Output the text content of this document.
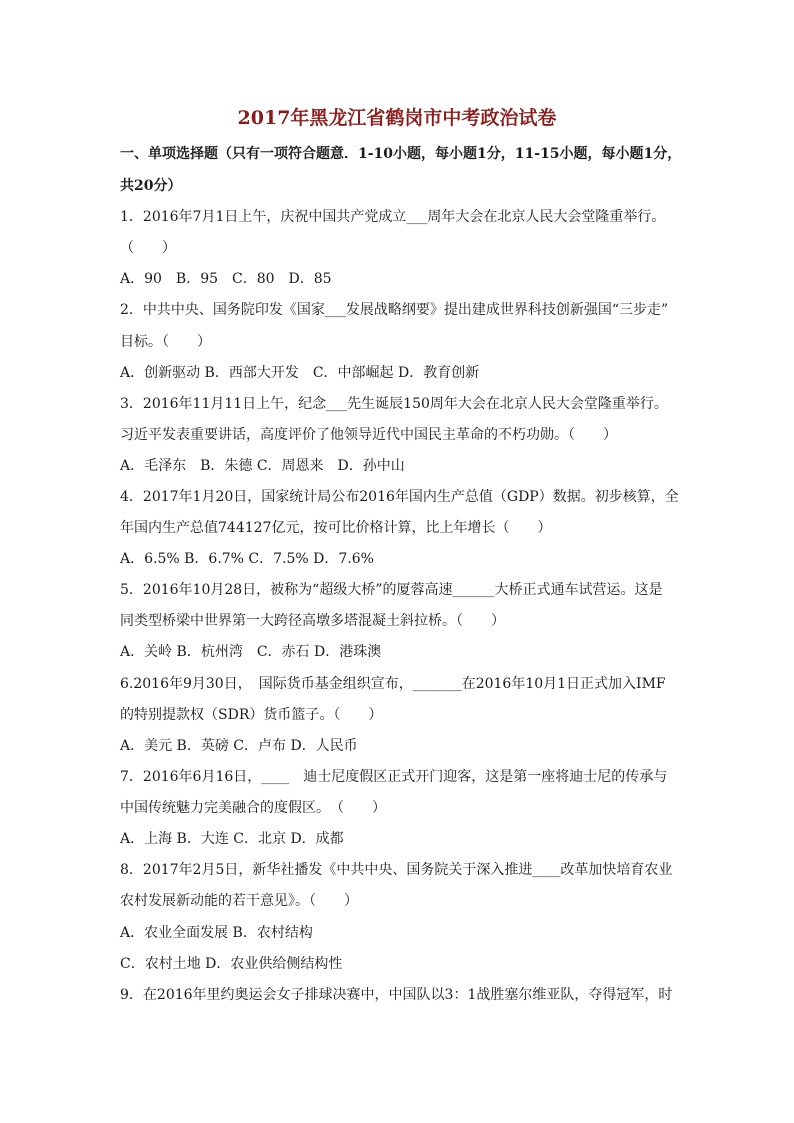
2017年黑龙江省鹤岗市中考政治试卷
一、单项选择题（只有一项符合题意．1-10小题，每小题1分，11-15小题，每小题1分，
共20分）
1．2016年7月1日上午，庆祝中国共产党成立___周年大会在北京人民大会堂隆重举行。
（　　）
A．90　B．95　C．80　D．85
2．中共中央、国务院印发《国家___发展战略纲要》提出建成世界科技创新强国“三步走”
目标。（　　）
A．创新驱动 B．西部大开发　C．中部崛起 D．教育创新
3．2016年11月11日上午，纪念___先生诞辰150周年大会在北京人民大会堂隆重举行。
习近平发表重要讲话，高度评价了他领导近代中国民主革命的不朽功勋。（　　）
A．毛泽东　B．朱德 C．周恩来　D．孙中山
4．2017年1月20日，国家统计局公布2016年国内生产总值（GDP）数据。初步核算，全
年国内生产总值744127亿元，按可比价格计算，比上年增长（　　）
A．6.5% B．6.7% C．7.5% D．7.6%
5．2016年10月28日，被称为“超级大桥”的厦蓉高速______大桥正式通车试营运。这是
同类型桥梁中世界第一大跨径高墩多塔混凝土斜拉桥。（　　）
A．关岭 B．杭州湾　C．赤石 D．港珠澳
6.2016年9月30日，　国际货币基金组织宣布，_______在2016年10月1日正式加入IMF
的特别提款权（SDR）货币篮子。（　　）
A．美元 B．英磅 C．卢布 D．人民币
7．2016年6月16日，____　迪士尼度假区正式开门迎客，这是第一座将迪士尼的传承与
中国传统魅力完美融合的度假区。　（　　）
A．上海 B．大连 C．北京 D．成都
8．2017年2月5日，新华社播发《中共中央、国务院关于深入推进____改革加快培育农业
农村发展新动能的若干意见》。（　　）
A．农业全面发展 B．农村结构
C．农村土地 D．农业供给侧结构性
9．在2016年里约奥运会女子排球决赛中，中国队以3：1战胜塞尔维亚队，夺得冠军，时
